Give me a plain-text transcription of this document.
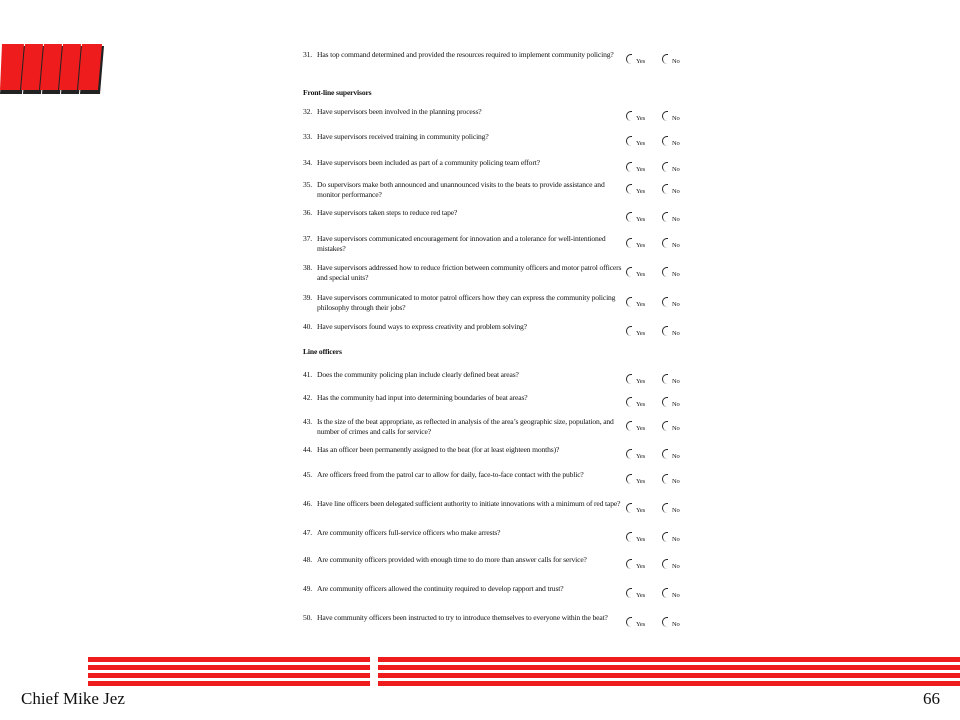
31. Has top command determined and provided the resources required to implement community policing?
Yes	No
Front-line supervisors
32. Have supervisors been involved in the planning process?
Yes	No
33. Have supervisors received training in community policing?
Yes	No
34. Have supervisors been included as part of a community policing team effort?
Yes	No
35. Do supervisors make both announced and unannounced visits to the beats to provide assistance and monitor performance?	Yes	No
36. Have supervisors taken steps to reduce red tape?
Yes	No
37. Have supervisors communicated encouragement for innovation and a tolerance for well-intentioned mistakes?	Yes	No
38. Have supervisors addressed how to reduce friction between community officers and motor patrol officers and special units?	Yes	No
39. Have supervisors communicated to motor patrol officers how they can express the community policing philosophy through their jobs?	Yes	No
40. Have supervisors found ways to express creativity and problem solving?
Yes	No
Line officers
41. Does the community policing plan include clearly defined beat areas?
Yes	No
42. Has the community had input into determining boundaries of beat areas?
Yes	No
43. Is the size of the beat appropriate, as reflected in analysis of the area’s geographic size, population, and number of crimes and calls for service?	Yes	No
44. Has an officer been permanently assigned to the beat (for at least eighteen months)?
Yes	No
45. Are officers freed from the patrol car to allow for daily, face-to-face contact with the public?
Yes	No
46. Have line officers been delegated sufficient authority to initiate innovations with a minimum of red tape?
Yes	No
47. Are community officers full-service officers who make arrests?
Yes	No
48. Are community officers provided with enough time to do more than answer calls for service?
Yes	No
49. Are community officers allowed the continuity required to develop rapport and trust?
Yes	No
50. Have community officers been instructed to try to introduce themselves to everyone within the beat?
Yes	No
Chief Mike Jez	66
